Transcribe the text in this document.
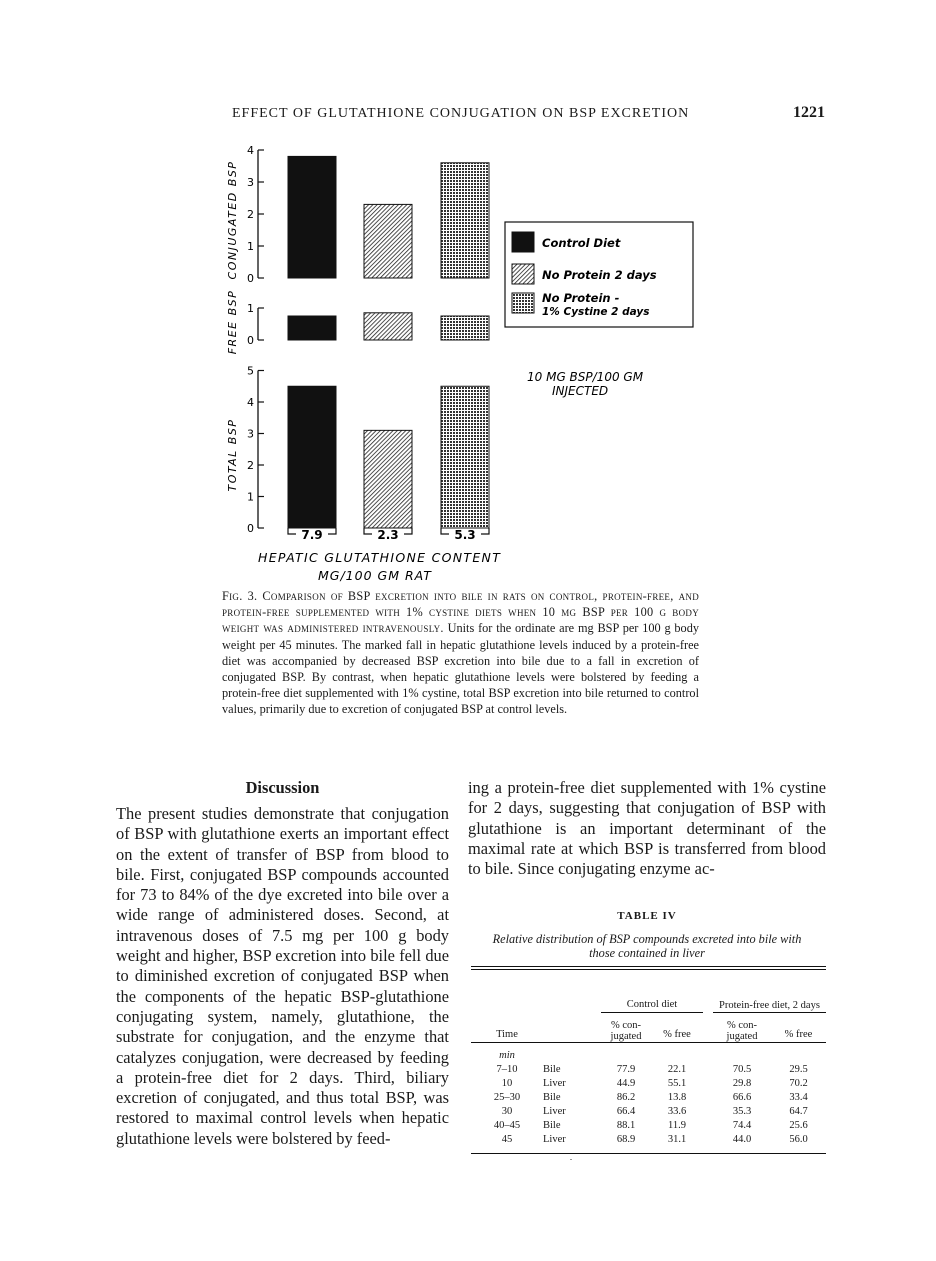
EFFECT OF GLUTATHIONE CONJUGATION ON BSP EXCRETION	1221
0
1
2
3
4
CONJUGATED BSP
0
1
FREE BSP
0
1
2
3
4
5
TOTAL BSP
7.9	2.3	5.3
HEPATIC GLUTATHIONE CONTENT
MG/100 GM RAT
10 MG BSP/100 GM
INJECTED
Control Diet
No Protein 2 days
No Protein -
1% Cystine 2 days
Fig. 3. Comparison of BSP excretion into bile in rats on control, protein-free, and protein-free supplemented with 1% cystine diets when 10 mg BSP per 100 g body weight was administered intravenously. Units for the ordinate are mg BSP per 100 g body weight per 45 minutes. The marked fall in hepatic glutathione levels induced by a protein-free diet was accompanied by decreased BSP excretion into bile due to a fall in excretion of conjugated BSP. By contrast, when hepatic glutathione levels were bolstered by feeding a protein-free diet supplemented with 1% cystine, total BSP excretion into bile returned to control values, primarily due to excretion of conjugated BSP at control levels.
Discussion

The present studies demonstrate that conjugation of BSP with glutathione exerts an important effect on the extent of transfer of BSP from blood to bile. First, conjugated BSP compounds accounted for 73 to 84% of the dye excreted into bile over a wide range of administered doses. Second, at intravenous doses of 7.5 mg per 100 g body weight and higher, BSP excretion into bile fell due to diminished excretion of conjugated BSP when the components of the hepatic BSP-glutathione conjugating system, namely, glutathione, the substrate for conjugation, and the enzyme that catalyzes conjugation, were decreased by feeding a protein-free diet for 2 days. Third, biliary excretion of conjugated, and thus total BSP, was restored to maximal control levels when hepatic glutathione levels were bolstered by feed-

ing a protein-free diet supplemented with 1% cystine for 2 days, suggesting that conjugation of BSP with glutathione is an important determinant of the maximal rate at which BSP is transferred from blood to bile. Since conjugating enzyme ac-

TABLE IV
Relative distribution of BSP compounds excreted into bile with those contained in liver
		Control diet			Protein-free diet, 2 days	
Time		% con- jugated	% free		% con- jugated	% free

min						
7–10	Bile	77.9	22.1		70.5	29.5
10	Liver	44.9	55.1		29.8	70.2
25–30	Bile	86.2	13.8		66.6	33.4
30	Liver	66.4	33.6		35.3	64.7
40–45	Bile	88.1	11.9		74.4	25.6
45	Liver	68.9	31.1		44.0	56.0
